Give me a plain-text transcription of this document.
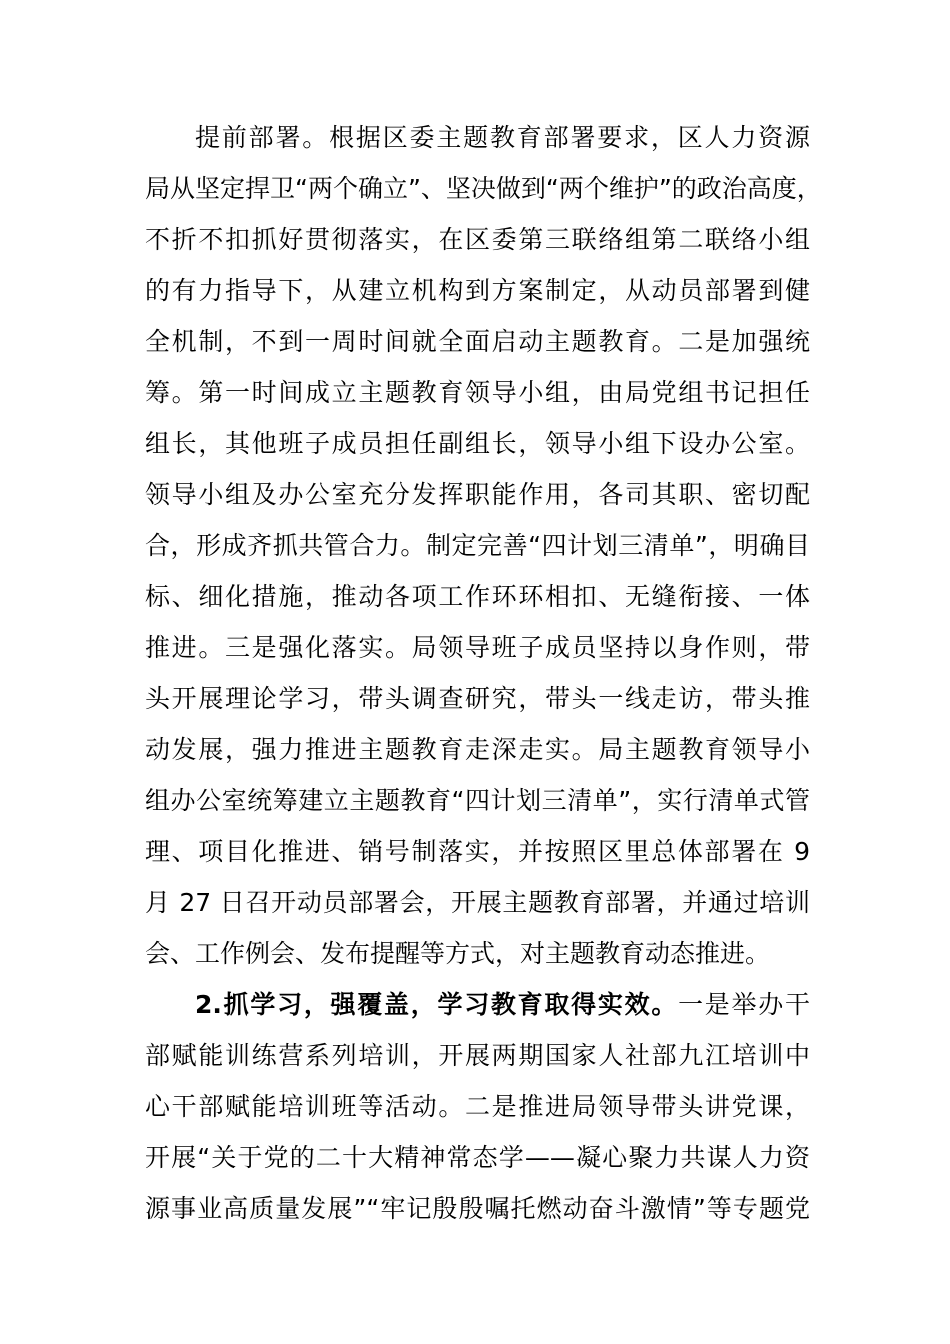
提前部署。根据区委主题教育部署要求，区人力资源
局从坚定捍卫“两个确立”、坚决做到“两个维护”的政治高度，
不折不扣抓好贯彻落实，在区委第三联络组第二联络小组
的有力指导下，从建立机构到方案制定，从动员部署到健
全机制，不到一周时间就全面启动主题教育。二是加强统
筹。第一时间成立主题教育领导小组，由局党组书记担任
组长，其他班子成员担任副组长，领导小组下设办公室。
领导小组及办公室充分发挥职能作用，各司其职、密切配
合，形成齐抓共管合力。制定完善“四计划三清单”，明确目
标、细化措施，推动各项工作环环相扣、无缝衔接、一体
推进。三是强化落实。局领导班子成员坚持以身作则，带
头开展理论学习，带头调查研究，带头一线走访，带头推
动发展，强力推进主题教育走深走实。局主题教育领导小
组办公室统筹建立主题教育“四计划三清单”，实行清单式管
理、项目化推进、销号制落实，并按照区里总体部署在 9
月 27 日召开动员部署会，开展主题教育部署，并通过培训
会、工作例会、发布提醒等方式，对主题教育动态推进。
2.抓学习，强覆盖，学习教育取得实效。一是举办干
部赋能训练营系列培训，开展两期国家人社部九江培训中
心干部赋能培训班等活动。二是推进局领导带头讲党课，
开展“关于党的二十大精神常态学——凝心聚力共谋人力资
源事业高质量发展”“牢记殷殷嘱托燃动奋斗激情”等专题党
